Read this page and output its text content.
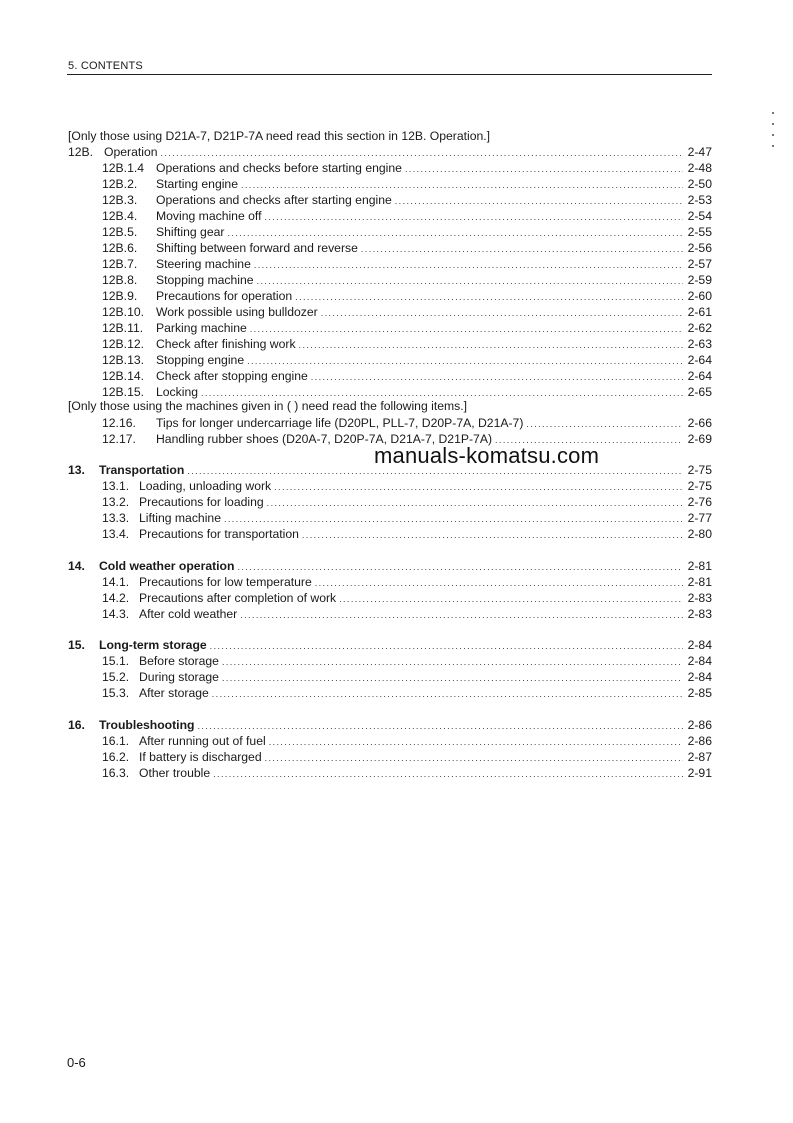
5. CONTENTS
[Only those using D21A-7, D21P-7A need read this section in 12B. Operation.]
12B. Operation .....	2-47
12B.1.4 Operations and checks before starting engine .....	2-48
12B.2.	Starting engine .....	2-50
12B.3.	Operations and checks after starting engine .....	2-53
12B.4.	Moving machine off .....	2-54
12B.5.	Shifting gear .....	2-55
12B.6.	Shifting between forward and reverse .....	2-56
12B.7.	Steering machine .....	2-57
12B.8.	Stopping machine .....	2-59
12B.9.	Precautions for operation .....	2-60
12B.10. Work possible using bulldozer .....	2-61
12B.11.	Parking machine .....	2-62
12B.12. Check after finishing work .....	2-63
12B.13. Stopping engine .....	2-64
12B.14. Check after stopping engine .....	2-64
12B.15. Locking .....	2-65
[Only those using the machines given in ( ) need read the following items.]
12.16.	Tips for longer undercarriage life (D20PL, PLL-7, D20P-7A, D21A-7) .....	2-66
12.17.	Handling rubber shoes (D20A-7, D20P-7A, D21A-7, D21P-7A) .....	2-69
manuals-komatsu.com
13.	Transportation .....	2-75
13.1. Loading, unloading work .....	2-75
13.2. Precautions for loading .....	2-76
13.3. Lifting machine .....	2-77
13.4. Precautions for transportation .....	2-80
14.	Cold weather operation .....	2-81
14.1. Precautions for low temperature .....	2-81
14.2. Precautions after completion of work .....	2-83
14.3. After cold weather .....	2-83
15.	Long-term storage .....	2-84
15.1. Before storage .....	2-84
15.2. During storage .....	2-84
15.3. After storage .....	2-85
16.	Troubleshooting .....	2-86
16.1. After running out of fuel .....	2-86
16.2. If battery is discharged .....	2-87
16.3. Other trouble .....	2-91
0-6
